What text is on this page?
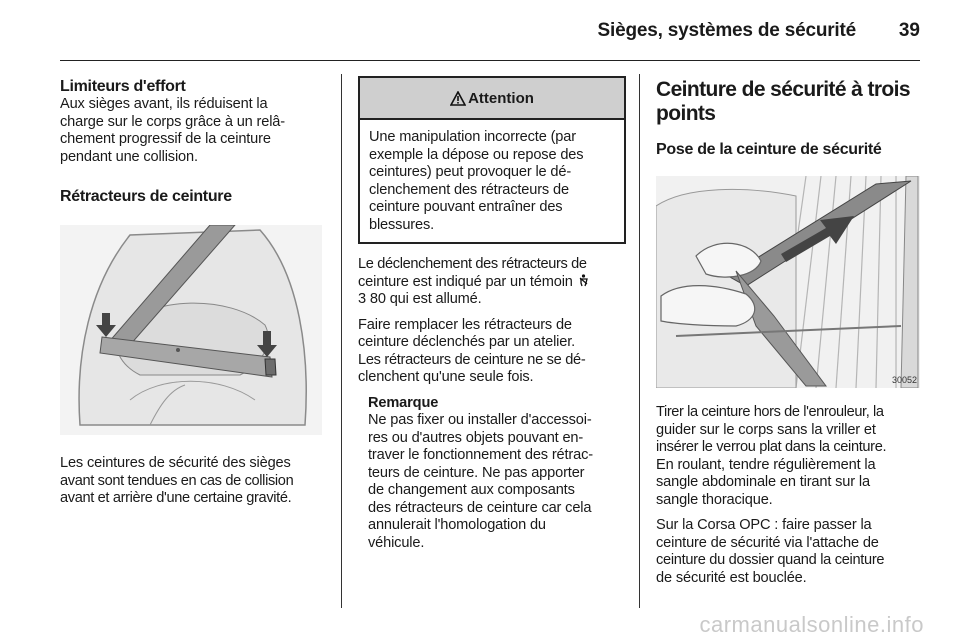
Sièges, systèmes de sécurité 39
Limiteurs d'effort

Aux sièges avant, ils réduisent la

charge sur le corps grâce à un relâ-

chement progressif de la ceinture

pendant une collision.

Rétracteurs de ceinture

Les ceintures de sécurité des sièges

avant sont tendues en cas de collision

avant et arrière d'une certaine gravité.

Attention

Une manipulation incorrecte (par

exemple la dépose ou repose des

ceintures) peut provoquer le dé-

clenchement des rétracteurs de

ceinture pouvant entraîner des

blessures.

Le déclenchement des rétracteurs de

ceinture est indiqué par un témoin

3 80 qui est allumé.

Faire remplacer les rétracteurs de

ceinture déclenchés par un atelier.

Les rétracteurs de ceinture ne se dé-

clenchent qu'une seule fois.

Remarque

Ne pas fixer ou installer d'accessoi-

res ou d'autres objets pouvant en-

traver le fonctionnement des rétrac-

teurs de ceinture. Ne pas apporter

de changement aux composants

des rétracteurs de ceinture car cela

annulerait l'homologation du

véhicule.

Ceinture de sécurité à trois
points
Pose de la ceinture de sécurité
30052

Tirer la ceinture hors de l'enrouleur, la

guider sur le corps sans la vriller et

insérer le verrou plat dans la ceinture.

En roulant, tendre régulièrement la

sangle abdominale en tirant sur la

sangle thoracique.

Sur la Corsa OPC : faire passer la

ceinture de sécurité via l'attache de

ceinture du dossier quand la ceinture

de sécurité est bouclée.

carmanualsonline.info
